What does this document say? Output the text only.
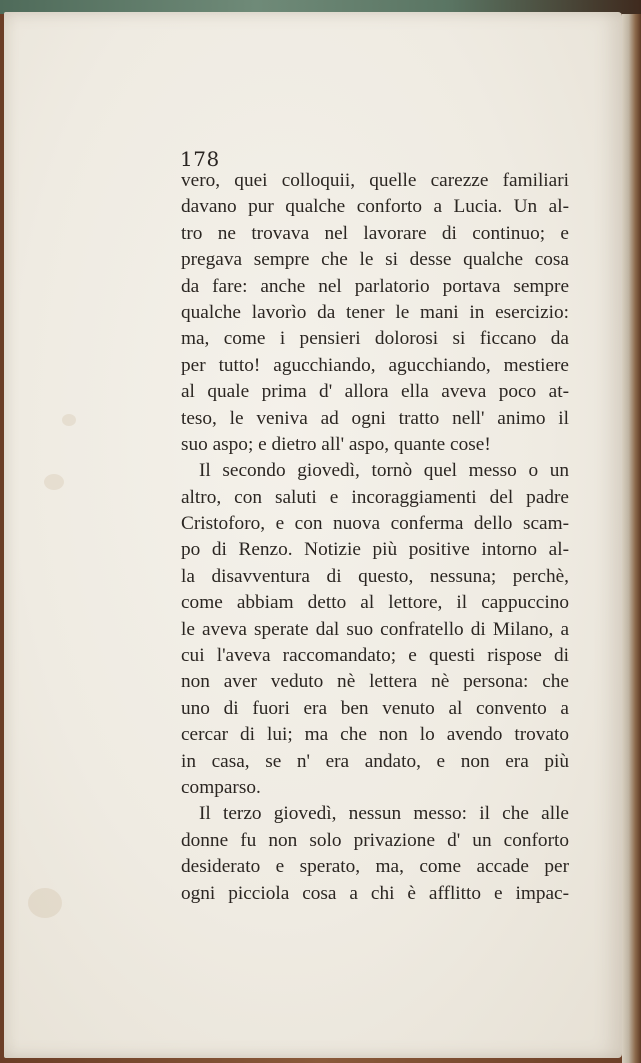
178
vero, quei colloquii, quelle carezze familiari
davano pur qualche conforto a Lucia. Un al-
tro ne trovava nel lavorare di continuo; e
pregava sempre che le si desse qualche cosa
da fare: anche nel parlatorio portava sempre
qualche lavorìo da tener le mani in esercizio:
ma, come i pensieri dolorosi si ficcano da
per tutto! agucchiando, agucchiando, mestiere
al quale prima d' allora ella aveva poco at-
teso, le veniva ad ogni tratto nell' animo il
suo aspo; e dietro all' aspo, quante cose!
Il secondo giovedì, tornò quel messo o un
altro, con saluti e incoraggiamenti del padre
Cristoforo, e con nuova conferma dello scam-
po di Renzo. Notizie più positive intorno al-
la disavventura di questo, nessuna; perchè,
come abbiam detto al lettore, il cappuccino
le aveva sperate dal suo confratello di Milano, a
cui l'aveva raccomandato; e questi rispose di
non aver veduto nè lettera nè persona: che
uno di fuori era ben venuto al convento a
cercar di lui; ma che non lo avendo trovato
in casa, se n' era andato, e non era più
comparso.
Il terzo giovedì, nessun messo: il che alle
donne fu non solo privazione d' un conforto
desiderato e sperato, ma, come accade per
ogni picciola cosa a chi è afflitto e impac-
